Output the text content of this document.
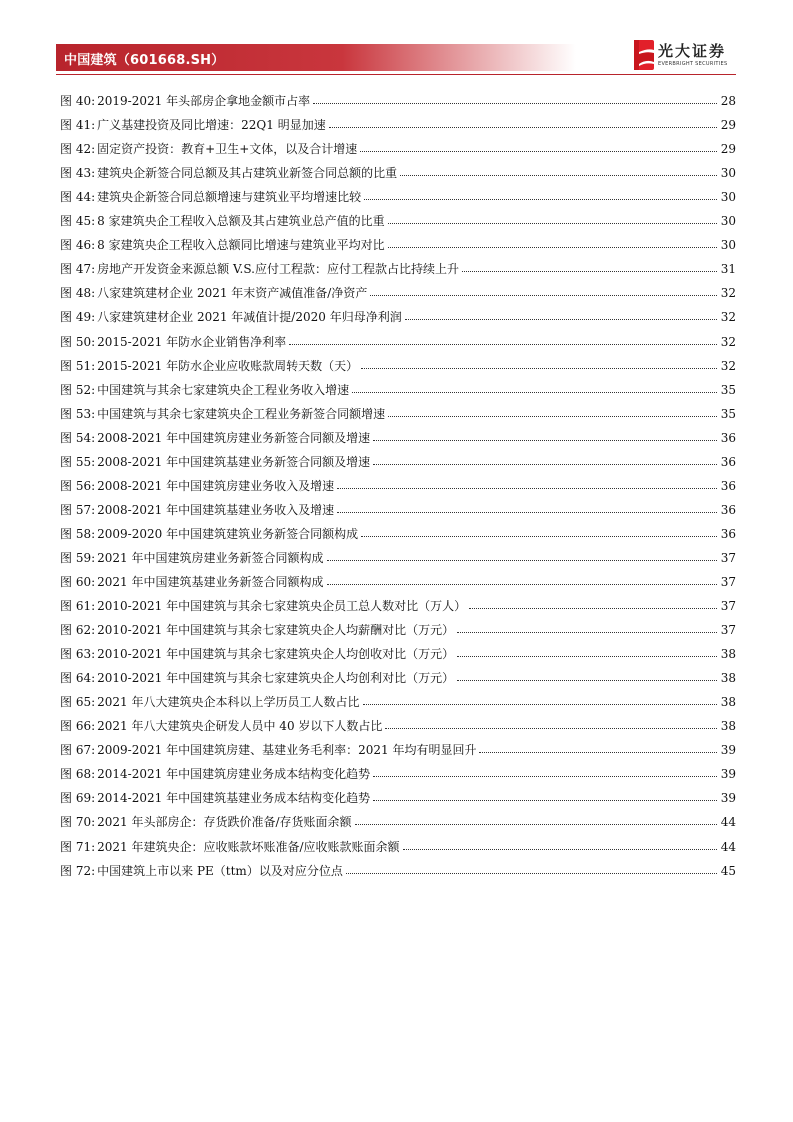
中国建筑（601668.SH）
光大证券
EVERBRIGHT SECURITIES
图 40: 2019-2021 年头部房企拿地金额市占率	28
图 41: 广义基建投资及同比增速：22Q1 明显加速	29
图 42: 固定资产投资：教育+卫生+文体，以及合计增速	29
图 43: 建筑央企新签合同总额及其占建筑业新签合同总额的比重	30
图 44: 建筑央企新签合同总额增速与建筑业平均增速比较	30
图 45: 8 家建筑央企工程收入总额及其占建筑业总产值的比重	30
图 46: 8 家建筑央企工程收入总额同比增速与建筑业平均对比	30
图 47: 房地产开发资金来源总额 V.S.应付工程款：应付工程款占比持续上升	31
图 48: 八家建筑建材企业 2021 年末资产减值准备/净资产	32
图 49: 八家建筑建材企业 2021 年减值计提/2020 年归母净利润	32
图 50: 2015-2021 年防水企业销售净利率	32
图 51: 2015-2021 年防水企业应收账款周转天数（天）	32
图 52: 中国建筑与其余七家建筑央企工程业务收入增速	35
图 53: 中国建筑与其余七家建筑央企工程业务新签合同额增速	35
图 54: 2008-2021 年中国建筑房建业务新签合同额及增速	36
图 55: 2008-2021 年中国建筑基建业务新签合同额及增速	36
图 56: 2008-2021 年中国建筑房建业务收入及增速	36
图 57: 2008-2021 年中国建筑基建业务收入及增速	36
图 58: 2009-2020 年中国建筑建筑业务新签合同额构成	36
图 59: 2021 年中国建筑房建业务新签合同额构成	37
图 60: 2021 年中国建筑基建业务新签合同额构成	37
图 61: 2010-2021 年中国建筑与其余七家建筑央企员工总人数对比（万人）	37
图 62: 2010-2021 年中国建筑与其余七家建筑央企人均薪酬对比（万元）	37
图 63: 2010-2021 年中国建筑与其余七家建筑央企人均创收对比（万元）	38
图 64: 2010-2021 年中国建筑与其余七家建筑央企人均创利对比（万元）	38
图 65: 2021 年八大建筑央企本科以上学历员工人数占比	38
图 66: 2021 年八大建筑央企研发人员中 40 岁以下人数占比	38
图 67: 2009-2021 年中国建筑房建、基建业务毛利率：2021 年均有明显回升	39
图 68: 2014-2021 年中国建筑房建业务成本结构变化趋势	39
图 69: 2014-2021 年中国建筑基建业务成本结构变化趋势	39
图 70: 2021 年头部房企：存货跌价准备/存货账面余额	44
图 71: 2021 年建筑央企：应收账款坏账准备/应收账款账面余额	44
图 72: 中国建筑上市以来 PE（ttm）以及对应分位点	45
